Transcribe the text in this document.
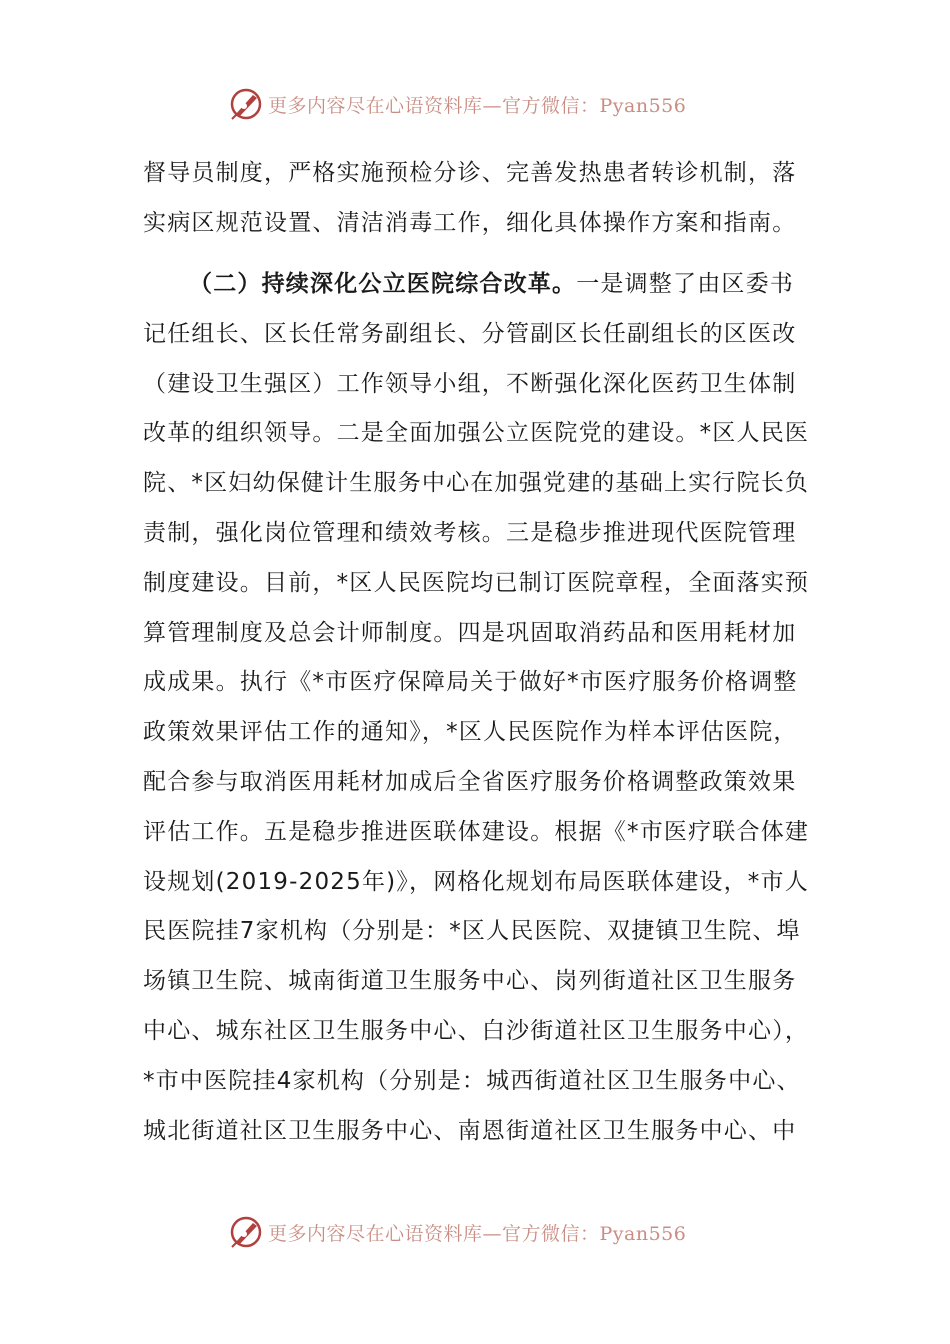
更多内容尽在心语资料库—官方微信：Pyan556

督导员制度，严格实施预检分诊、完善发热患者转诊机制，落实病区规范设置、清洁消毒工作，细化具体操作方案和指南。

（二）持续深化公立医院综合改革。一是调整了由区委书记任组长、区长任常务副组长、分管副区长任副组长的区医改（建设卫生强区）工作领导小组，不断强化深化医药卫生体制改革的组织领导。二是全面加强公立医院党的建设。*区人民医院、*区妇幼保健计生服务中心在加强党建的基础上实行院长负责制，强化岗位管理和绩效考核。三是稳步推进现代医院管理制度建设。目前，*区人民医院均已制订医院章程，全面落实预算管理制度及总会计师制度。四是巩固取消药品和医用耗材加成成果。执行《*市医疗保障局关于做好*市医疗服务价格调整政策效果评估工作的通知》，*区人民医院作为样本评估医院，配合参与取消医用耗材加成后全省医疗服务价格调整政策效果评估工作。五是稳步推进医联体建设。根据《*市医疗联合体建设规划(2019-2025年)》，网格化规划布局医联体建设，*市人民医院挂7家机构（分别是：*区人民医院、双捷镇卫生院、埠场镇卫生院、城南街道卫生服务中心、岗列街道社区卫生服务中心、城东社区卫生服务中心、白沙街道社区卫生服务中心），*市中医院挂4家机构（分别是：城西街道社区卫生服务中心、城北街道社区卫生服务中心、南恩街道社区卫生服务中心、中

更多内容尽在心语资料库—官方微信：Pyan556
